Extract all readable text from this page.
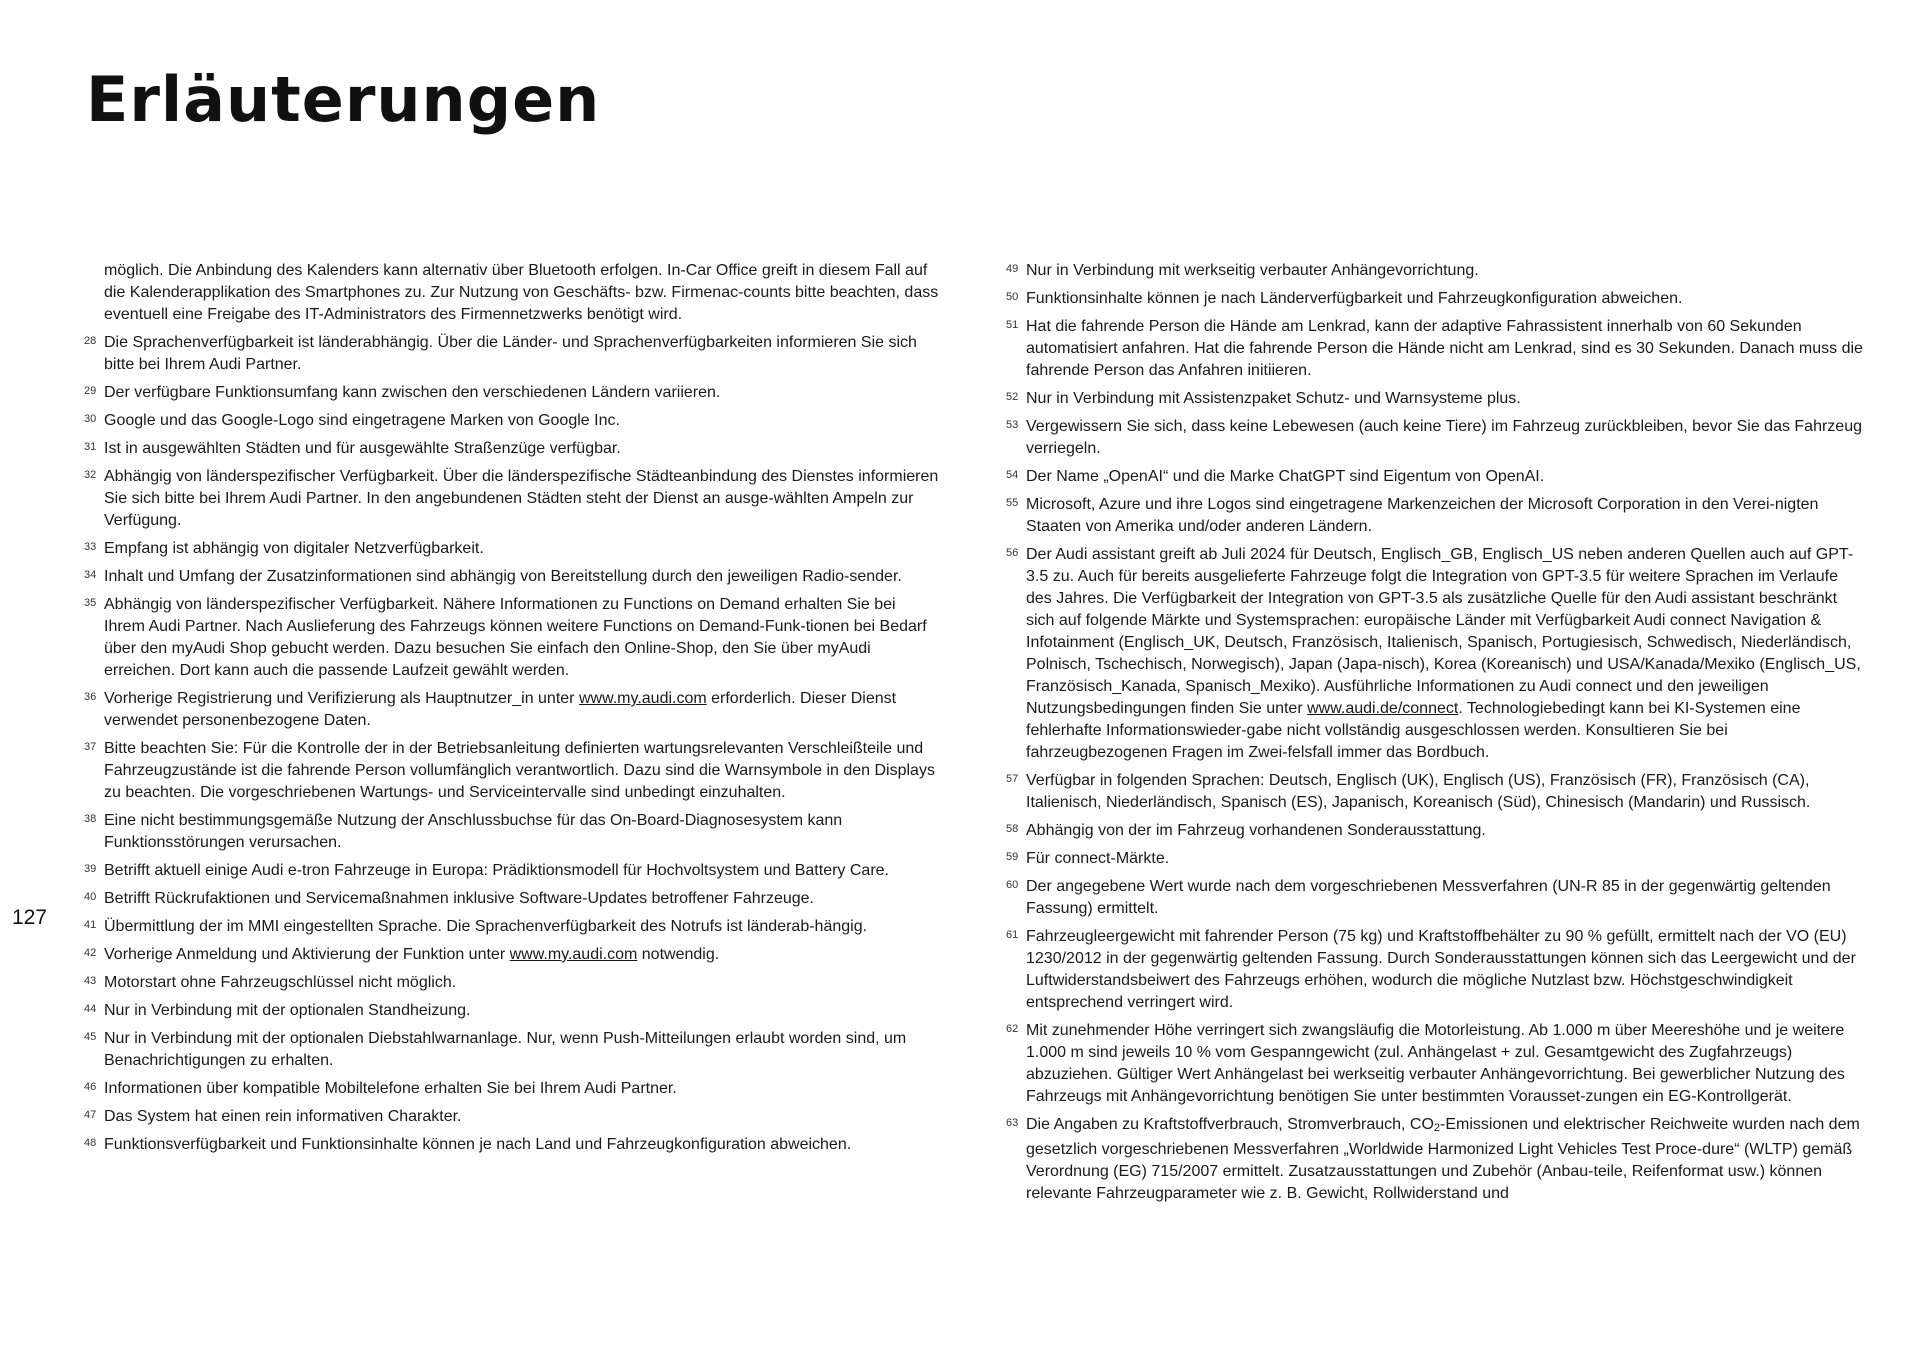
Erläuterungen
127
möglich. Die Anbindung des Kalenders kann alternativ über Bluetooth erfolgen. In-Car Office greift in diesem Fall auf die Kalenderapplikation des Smartphones zu. Zur Nutzung von Geschäfts- bzw. Firmenac-counts bitte beachten, dass eventuell eine Freigabe des IT-Administrators des Firmennetzwerks benötigt wird.
28 Die Sprachenverfügbarkeit ist länderabhängig. Über die Länder- und Sprachenverfügbarkeiten informieren Sie sich bitte bei Ihrem Audi Partner.
29 Der verfügbare Funktionsumfang kann zwischen den verschiedenen Ländern variieren.
30 Google und das Google-Logo sind eingetragene Marken von Google Inc.
31 Ist in ausgewählten Städten und für ausgewählte Straßenzüge verfügbar.
32 Abhängig von länderspezifischer Verfügbarkeit. Über die länderspezifische Städteanbindung des Dienstes informieren Sie sich bitte bei Ihrem Audi Partner. In den angebundenen Städten steht der Dienst an ausge-wählten Ampeln zur Verfügung.
33 Empfang ist abhängig von digitaler Netzverfügbarkeit.
34 Inhalt und Umfang der Zusatzinformationen sind abhängig von Bereitstellung durch den jeweiligen Radio-sender.
35 Abhängig von länderspezifischer Verfügbarkeit. Nähere Informationen zu Functions on Demand erhalten Sie bei Ihrem Audi Partner. Nach Auslieferung des Fahrzeugs können weitere Functions on Demand-Funk-tionen bei Bedarf über den myAudi Shop gebucht werden. Dazu besuchen Sie einfach den Online-Shop, den Sie über myAudi erreichen. Dort kann auch die passende Laufzeit gewählt werden.
36 Vorherige Registrierung und Verifizierung als Hauptnutzer_in unter www.my.audi.com erforderlich. Dieser Dienst verwendet personenbezogene Daten.
37 Bitte beachten Sie: Für die Kontrolle der in der Betriebsanleitung definierten wartungsrelevanten Verschleißteile und Fahrzeugzustände ist die fahrende Person vollumfänglich verantwortlich. Dazu sind die Warnsymbole in den Displays zu beachten. Die vorgeschriebenen Wartungs- und Serviceintervalle sind unbedingt einzuhalten.
38 Eine nicht bestimmungsgemäße Nutzung der Anschlussbuchse für das On-Board-Diagnosesystem kann Funktionsstörungen verursachen.
39 Betrifft aktuell einige Audi e-tron Fahrzeuge in Europa: Prädiktionsmodell für Hochvoltsystem und Battery Care.
40 Betrifft Rückrufaktionen und Servicemaßnahmen inklusive Software-Updates betroffener Fahrzeuge.
41 Übermittlung der im MMI eingestellten Sprache. Die Sprachenverfügbarkeit des Notrufs ist länderab-hängig.
42 Vorherige Anmeldung und Aktivierung der Funktion unter www.my.audi.com notwendig.
43 Motorstart ohne Fahrzeugschlüssel nicht möglich.
44 Nur in Verbindung mit der optionalen Standheizung.
45 Nur in Verbindung mit der optionalen Diebstahlwarnanlage. Nur, wenn Push-Mitteilungen erlaubt worden sind, um Benachrichtigungen zu erhalten.
46 Informationen über kompatible Mobiltelefone erhalten Sie bei Ihrem Audi Partner.
47 Das System hat einen rein informativen Charakter.
48 Funktionsverfügbarkeit und Funktionsinhalte können je nach Land und Fahrzeugkonfiguration abweichen.
49 Nur in Verbindung mit werkseitig verbauter Anhängevorrichtung.
50 Funktionsinhalte können je nach Länderverfügbarkeit und Fahrzeugkonfiguration abweichen.
51 Hat die fahrende Person die Hände am Lenkrad, kann der adaptive Fahrassistent innerhalb von 60 Sekunden automatisiert anfahren. Hat die fahrende Person die Hände nicht am Lenkrad, sind es 30 Sekunden. Danach muss die fahrende Person das Anfahren initiieren.
52 Nur in Verbindung mit Assistenzpaket Schutz- und Warnsysteme plus.
53 Vergewissern Sie sich, dass keine Lebewesen (auch keine Tiere) im Fahrzeug zurückbleiben, bevor Sie das Fahrzeug verriegeln.
54 Der Name „OpenAI“ und die Marke ChatGPT sind Eigentum von OpenAI.
55 Microsoft, Azure und ihre Logos sind eingetragene Markenzeichen der Microsoft Corporation in den Verei-nigten Staaten von Amerika und/oder anderen Ländern.
56 Der Audi assistant greift ab Juli 2024 für Deutsch, Englisch_GB, Englisch_US neben anderen Quellen auch auf GPT-3.5 zu. Auch für bereits ausgelieferte Fahrzeuge folgt die Integration von GPT-3.5 für weitere Sprachen im Verlaufe des Jahres. Die Verfügbarkeit der Integration von GPT-3.5 als zusätzliche Quelle für den Audi assistant beschränkt sich auf folgende Märkte und Systemsprachen: europäische Länder mit Verfügbarkeit Audi connect Navigation & Infotainment (Englisch_UK, Deutsch, Französisch, Italienisch, Spanisch, Portugiesisch, Schwedisch, Niederländisch, Polnisch, Tschechisch, Norwegisch), Japan (Japa-nisch), Korea (Koreanisch) und USA/Kanada/Mexiko (Englisch_US, Französisch_Kanada, Spanisch_Mexiko). Ausführliche Informationen zu Audi connect und den jeweiligen Nutzungsbedingungen finden Sie unter www.audi.de/connect. Technologiebedingt kann bei KI-Systemen eine fehlerhafte Informationswieder-gabe nicht vollständig ausgeschlossen werden. Konsultieren Sie bei fahrzeugbezogenen Fragen im Zwei-felsfall immer das Bordbuch.
57 Verfügbar in folgenden Sprachen: Deutsch, Englisch (UK), Englisch (US), Französisch (FR), Französisch (CA), Italienisch, Niederländisch, Spanisch (ES), Japanisch, Koreanisch (Süd), Chinesisch (Mandarin) und Russisch.
58 Abhängig von der im Fahrzeug vorhandenen Sonderausstattung.
59 Für connect-Märkte.
60 Der angegebene Wert wurde nach dem vorgeschriebenen Messverfahren (UN-R 85 in der gegenwärtig geltenden Fassung) ermittelt.
61 Fahrzeugleergewicht mit fahrender Person (75 kg) und Kraftstoffbehälter zu 90 % gefüllt, ermittelt nach der VO (EU) 1230/2012 in der gegenwärtig geltenden Fassung. Durch Sonderausstattungen können sich das Leergewicht und der Luftwiderstandsbeiwert des Fahrzeugs erhöhen, wodurch die mögliche Nutzlast bzw. Höchstgeschwindigkeit entsprechend verringert wird.
62 Mit zunehmender Höhe verringert sich zwangsläufig die Motorleistung. Ab 1.000 m über Meereshöhe und je weitere 1.000 m sind jeweils 10 % vom Gespanngewicht (zul. Anhängelast + zul. Gesamtgewicht des Zugfahrzeugs) abzuziehen. Gültiger Wert Anhängelast bei werkseitig verbauter Anhängevorrichtung. Bei gewerblicher Nutzung des Fahrzeugs mit Anhängevorrichtung benötigen Sie unter bestimmten Vorausset-zungen ein EG-Kontrollgerät.
63 Die Angaben zu Kraftstoffverbrauch, Stromverbrauch, CO2-Emissionen und elektrischer Reichweite wurden nach dem gesetzlich vorgeschriebenen Messverfahren „Worldwide Harmonized Light Vehicles Test Proce-dure“ (WLTP) gemäß Verordnung (EG) 715/2007 ermittelt. Zusatzausstattungen und Zubehör (Anbau-teile, Reifenformat usw.) können relevante Fahrzeugparameter wie z. B. Gewicht, Rollwiderstand und
